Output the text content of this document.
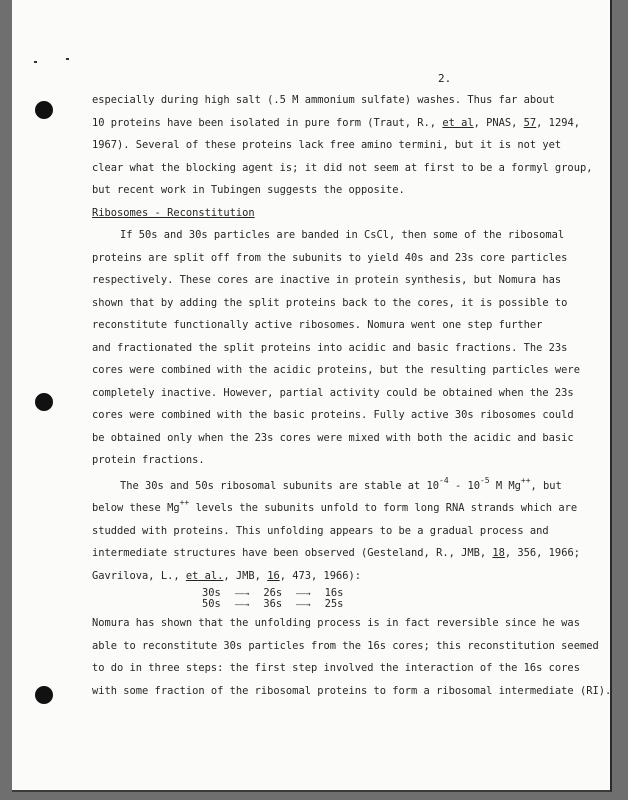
2.
especially during high salt (.5 M ammonium sulfate) washes. Thus far about
10 proteins have been isolated in pure form (Traut, R., et al, PNAS, 57, 1294,
1967). Several of these proteins lack free amino termini, but it is not yet
clear what the blocking agent is; it did not seem at first to be a formyl group,
but recent work in Tubingen suggests the opposite.
Ribosomes - Reconstitution
If 50s and 30s particles are banded in CsCl, then some of the ribosomal
proteins are split off from the subunits to yield 40s and 23s core particles
respectively. These cores are inactive in protein synthesis, but Nomura has
shown that by adding the split proteins back to the cores, it is possible to
reconstitute functionally active ribosomes. Nomura went one step further
and fractionated the split proteins into acidic and basic fractions. The 23s
cores were combined with the acidic proteins, but the resulting particles were
completely inactive. However, partial activity could be obtained when the 23s
cores were combined with the basic proteins. Fully active 30s ribosomes could
be obtained only when the 23s cores were mixed with both the acidic and basic
protein fractions.
The 30s and 50s ribosomal subunits are stable at $10^{-4} - 10^{-5}$ M Mg++, but
below these Mg++ levels the subunits unfold to form long RNA strands which are
studded with proteins. This unfolding appears to be a gradual process and
intermediate structures have been observed (Gesteland, R., JMB, 18, 356, 1966;
Gavrilova, L., et al., JMB, 16, 473, 1966):
30s ——→ 26s ——→ 16s
50s ——→ 36s ——→ 25s
Nomura has shown that the unfolding process is in fact reversible since he was
able to reconstitute 30s particles from the 16s cores; this reconstitution seemed
to do in three steps: the first step involved the interaction of the 16s cores
with some fraction of the ribosomal proteins to form a ribosomal intermediate (RI).
